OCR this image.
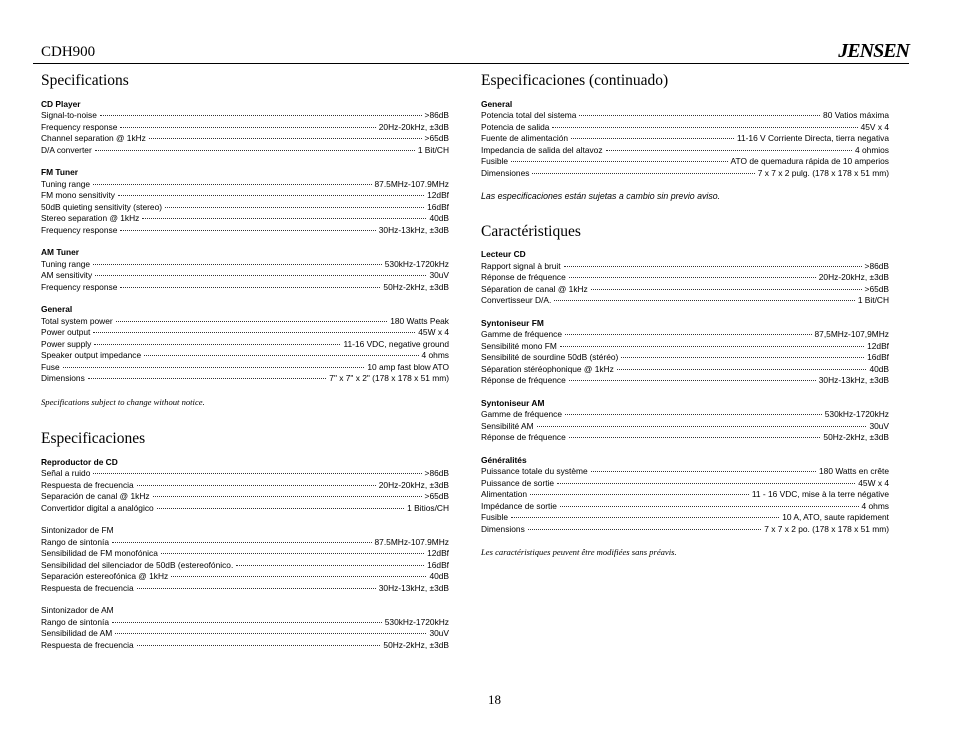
CDH900	JENSEN
Specifications
CD Player
Signal-to-noise	>86dB
Frequency response	20Hz-20kHz, ±3dB
Channel separation @ 1kHz	>65dB
D/A converter	1 Bit/CH
FM Tuner
Tuning range	87.5MHz-107.9MHz
FM mono sensitivity	12dBf
50dB quieting sensitivity (stereo)	16dBf
Stereo separation @ 1kHz	40dB
Frequency response	30Hz-13kHz, ±3dB
AM Tuner
Tuning range	530kHz-1720kHz
AM sensitivity	30uV
Frequency response	50Hz-2kHz, ±3dB
General
Total system power	180 Watts Peak
Power output	45W x 4
Power supply	11-16 VDC, negative ground
Speaker output impedance	4 ohms
Fuse	10 amp fast blow ATO
Dimensions	7" x 7" x 2" (178 x 178 x 51 mm)
Specifications subject to change without notice.
Especificaciones
Reproductor de CD
Señal a ruido	>86dB
Respuesta de frecuencia	20Hz-20kHz, ±3dB
Separación de canal @ 1kHz	>65dB
Convertidor digital a analógico	1 Bitios/CH
Sintonizador de FM
Rango de sintonía	87.5MHz-107.9MHz
Sensibilidad de FM monofónica	12dBf
Sensibilidad del silenciador de 50dB (estereofónico.	16dBf
Separación estereofónica @ 1kHz	40dB
Respuesta de frecuencia	30Hz-13kHz, ±3dB
Sintonizador de AM
Rango de sintonía	530kHz-1720kHz
Sensibilidad de AM	30uV
Respuesta de frecuencia	50Hz-2kHz, ±3dB
Especificaciones (continuado)
General
Potencia total del sistema	80 Vatios máxima
Potencia de salida	45V x 4
Fuente de alimentación	11-16 V Corriente Directa, tierra negativa
Impedancia de salida del altavoz	4 ohmios
Fusible	ATO de quemadura rápida de 10 amperios
Dimensiones	7 x 7 x 2 pulg. (178 x 178 x 51 mm)
Las especificaciones están sujetas a cambio sin previo aviso.
Caractéristiques
Lecteur CD
Rapport signal à bruit	>86dB
Réponse de fréquence	20Hz-20kHz, ±3dB
Séparation de canal @ 1kHz	>65dB
Convertisseur D/A.	1 Bit/CH
Syntoniseur FM
Gamme de fréquence	87,5MHz-107,9MHz
Sensibilité mono FM	12dBf
Sensibilité de sourdine 50dB (stéréo)	16dBf
Séparation stéréophonique @ 1kHz	40dB
Réponse de fréquence	30Hz-13kHz, ±3dB
Syntoniseur AM
Gamme de fréquence	530kHz-1720kHz
Sensibilité AM	30uV
Réponse de fréquence	50Hz-2kHz, ±3dB
Généralités
Puissance totale du système	180 Watts en crête
Puissance de sortie	45W x 4
Alimentation	11 - 16 VDC, mise à la terre négative
Impédance de sortie	4 ohms
Fusible	10 A, ATO, saute rapidement
Dimensions	7 x 7 x 2 po. (178 x 178 x 51 mm)
Les caractéristiques peuvent être modifiées sans préavis.
18
